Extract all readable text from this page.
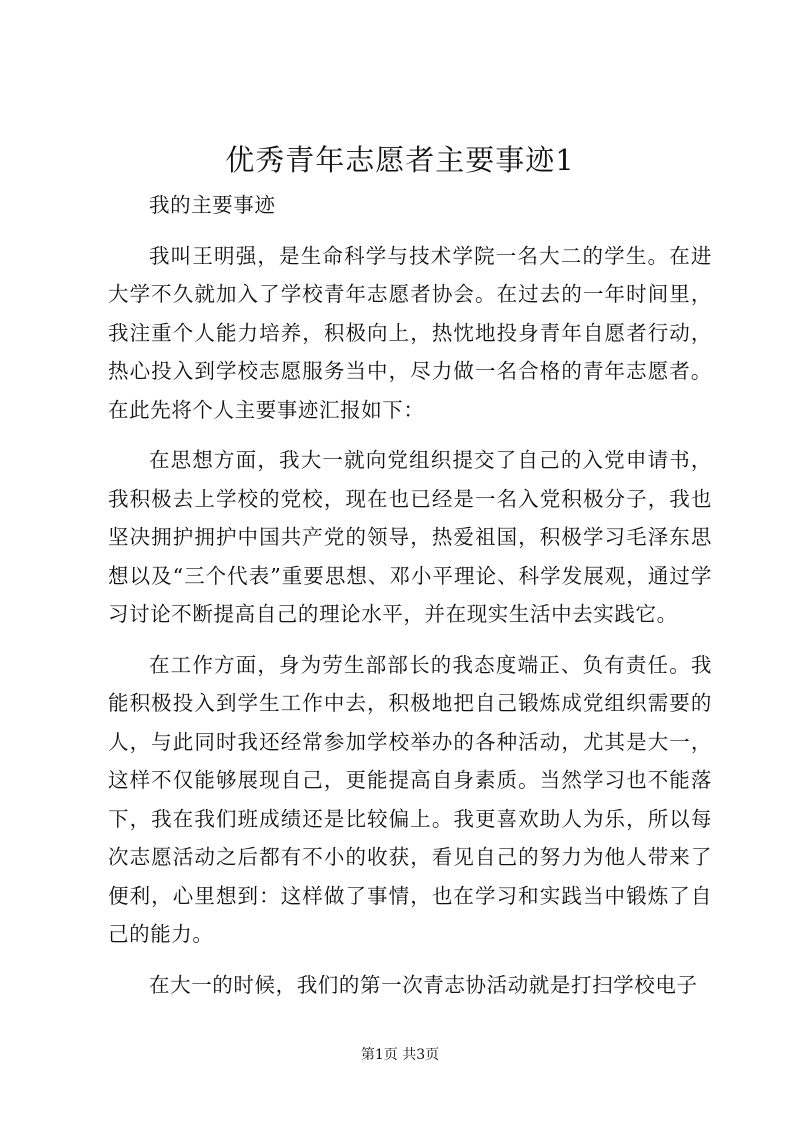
优秀青年志愿者主要事迹1

我的主要事迹

我叫王明强，是生命科学与技术学院一名大二的学生。在进大学不久就加入了学校青年志愿者协会。在过去的一年时间里，我注重个人能力培养，积极向上，热忱地投身青年自愿者行动，热心投入到学校志愿服务当中，尽力做一名合格的青年志愿者。在此先将个人主要事迹汇报如下：

在思想方面，我大一就向党组织提交了自己的入党申请书，我积极去上学校的党校，现在也已经是一名入党积极分子，我也坚决拥护拥护中国共产党的领导，热爱祖国，积极学习毛泽东思想以及“三个代表”重要思想、邓小平理论、科学发展观，通过学习讨论不断提高自己的理论水平，并在现实生活中去实践它。

在工作方面，身为劳生部部长的我态度端正、负有责任。我能积极投入到学生工作中去，积极地把自己锻炼成党组织需要的人，与此同时我还经常参加学校举办的各种活动，尤其是大一，这样不仅能够展现自己，更能提高自身素质。当然学习也不能落下，我在我们班成绩还是比较偏上。我更喜欢助人为乐，所以每次志愿活动之后都有不小的收获，看见自己的努力为他人带来了便利，心里想到：这样做了事情，也在学习和实践当中锻炼了自己的能力。

在大一的时候，我们的第一次青志协活动就是打扫学校电子

第1页 共3页
